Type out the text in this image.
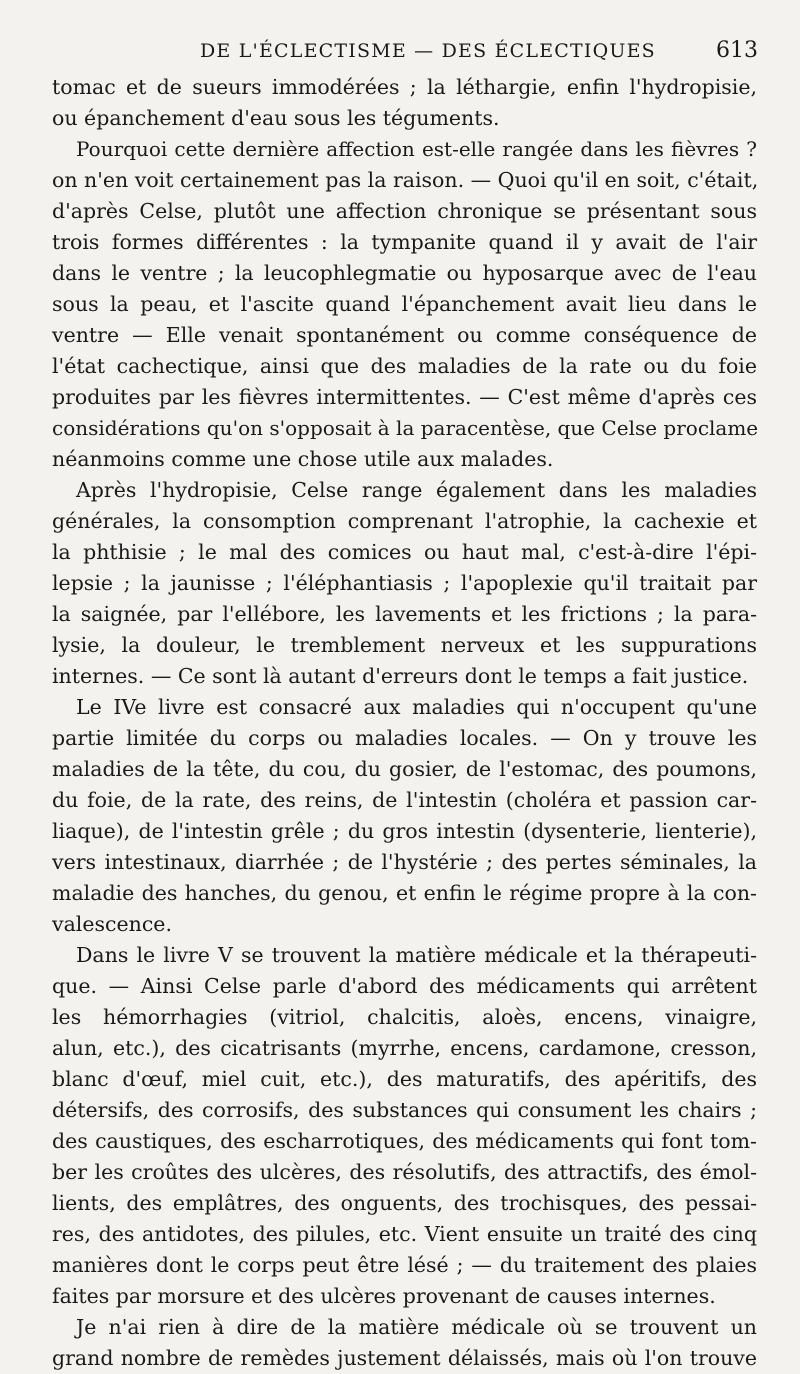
DE L'ÉCLECTISME — DES ÉCLECTIQUES	613
tomac et de sueurs immodérées ; la léthargie, enfin l'hydropisie,
ou épanchement d'eau sous les téguments.
Pourquoi cette dernière affection est-elle rangée dans les fièvres ?
on n'en voit certainement pas la raison. — Quoi qu'il en soit, c'était,
d'après Celse, plutôt une affection chronique se présentant sous
trois formes différentes : la tympanite quand il y avait de l'air
dans le ventre ; la leucophlegmatie ou hyposarque avec de l'eau
sous la peau, et l'ascite quand l'épanchement avait lieu dans le
ventre — Elle venait spontanément ou comme conséquence de
l'état cachectique, ainsi que des maladies de la rate ou du foie
produites par les fièvres intermittentes. — C'est même d'après ces
considérations qu'on s'opposait à la paracentèse, que Celse proclame
néanmoins comme une chose utile aux malades.
Après l'hydropisie, Celse range également dans les maladies
générales, la consomption comprenant l'atrophie, la cachexie et
la phthisie ; le mal des comices ou haut mal, c'est-à-dire l'épi-
lepsie ; la jaunisse ; l'éléphantiasis ; l'apoplexie qu'il traitait par
la saignée, par l'ellébore, les lavements et les frictions ; la para-
lysie, la douleur, le tremblement nerveux et les suppurations
internes. — Ce sont là autant d'erreurs dont le temps a fait justice.
Le IVe livre est consacré aux maladies qui n'occupent qu'une
partie limitée du corps ou maladies locales. — On y trouve les
maladies de la tête, du cou, du gosier, de l'estomac, des poumons,
du foie, de la rate, des reins, de l'intestin (choléra et passion car-
liaque), de l'intestin grêle ; du gros intestin (dysenterie, lienterie),
vers intestinaux, diarrhée ; de l'hystérie ; des pertes séminales, la
maladie des hanches, du genou, et enfin le régime propre à la con-
valescence.
Dans le livre V se trouvent la matière médicale et la thérapeuti-
que. — Ainsi Celse parle d'abord des médicaments qui arrêtent
les hémorrhagies (vitriol, chalcitis, aloès, encens, vinaigre,
alun, etc.), des cicatrisants (myrrhe, encens, cardamone, cresson,
blanc d'œuf, miel cuit, etc.), des maturatifs, des apéritifs, des
détersifs, des corrosifs, des substances qui consument les chairs ;
des caustiques, des escharrotiques, des médicaments qui font tom-
ber les croûtes des ulcères, des résolutifs, des attractifs, des émol-
lients, des emplâtres, des onguents, des trochisques, des pessai-
res, des antidotes, des pilules, etc. Vient ensuite un traité des cinq
manières dont le corps peut être lésé ; — du traitement des plaies
faites par morsure et des ulcères provenant de causes internes.
Je n'ai rien à dire de la matière médicale où se trouvent un
grand nombre de remèdes justement délaissés, mais où l'on trouve
